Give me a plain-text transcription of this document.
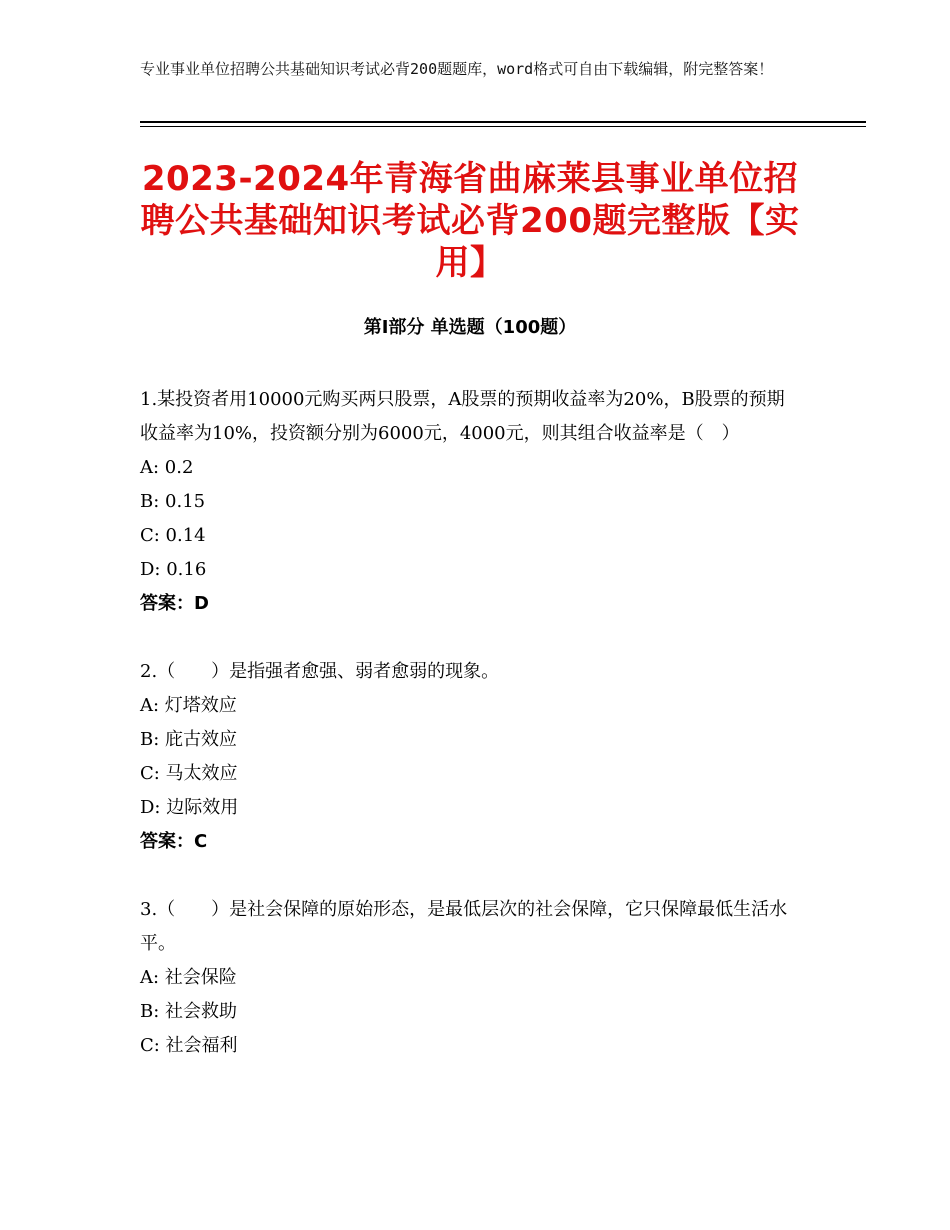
专业事业单位招聘公共基础知识考试必背200题题库，word格式可自由下载编辑，附完整答案！
2023-2024年青海省曲麻莱县事业单位招聘公共基础知识考试必背200题完整版【实用】
第Ⅰ部分 单选题（100题）
1.某投资者用10000元购买两只股票，A股票的预期收益率为20%，B股票的预期收益率为10%，投资额分别为6000元，4000元，则其组合收益率是（　）
A: 0.2
B: 0.15
C: 0.14
D: 0.16
答案：D
2.（　　）是指强者愈强、弱者愈弱的现象。
A: 灯塔效应
B: 庇古效应
C: 马太效应
D: 边际效用
答案：C
3.（　　）是社会保障的原始形态，是最低层次的社会保障，它只保障最低生活水平。
A: 社会保险
B: 社会救助
C: 社会福利
